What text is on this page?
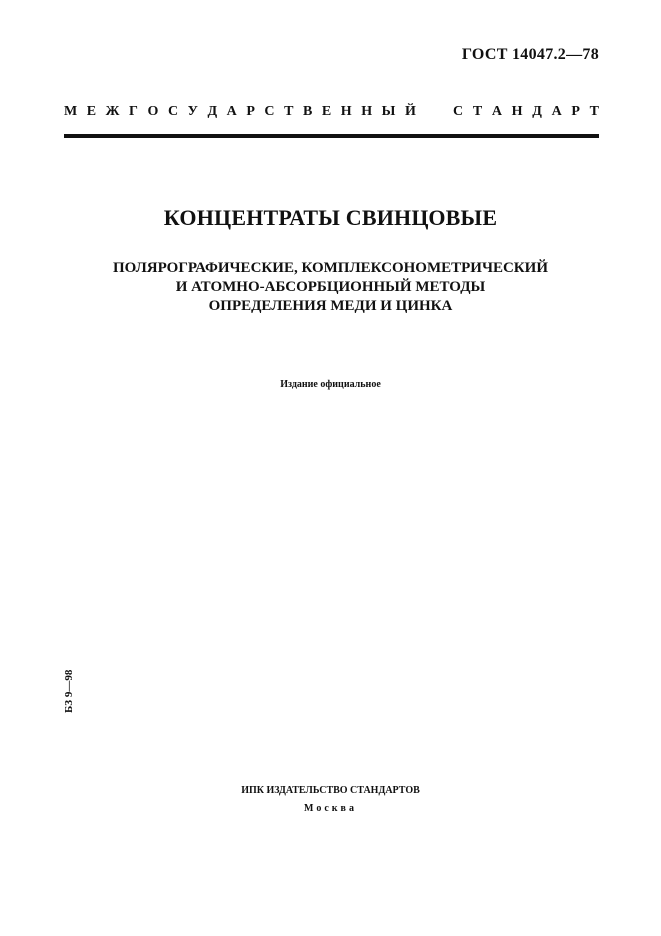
ГОСТ 14047.2—78
М Е Ж Г О С У Д А Р С Т В Е Н Н Ы Й	С Т А Н Д А Р Т
КОНЦЕНТРАТЫ СВИНЦОВЫЕ
ПОЛЯРОГРАФИЧЕСКИЕ, КОМПЛЕКСОНОМЕТРИЧЕСКИЙ
И АТОМНО-АБСОРБЦИОННЫЙ МЕТОДЫ
ОПРЕДЕЛЕНИЯ МЕДИ И ЦИНКА
Издание официальное
БЗ 9—98
ИПК ИЗДАТЕЛЬСТВО СТАНДАРТОВ
Москва
